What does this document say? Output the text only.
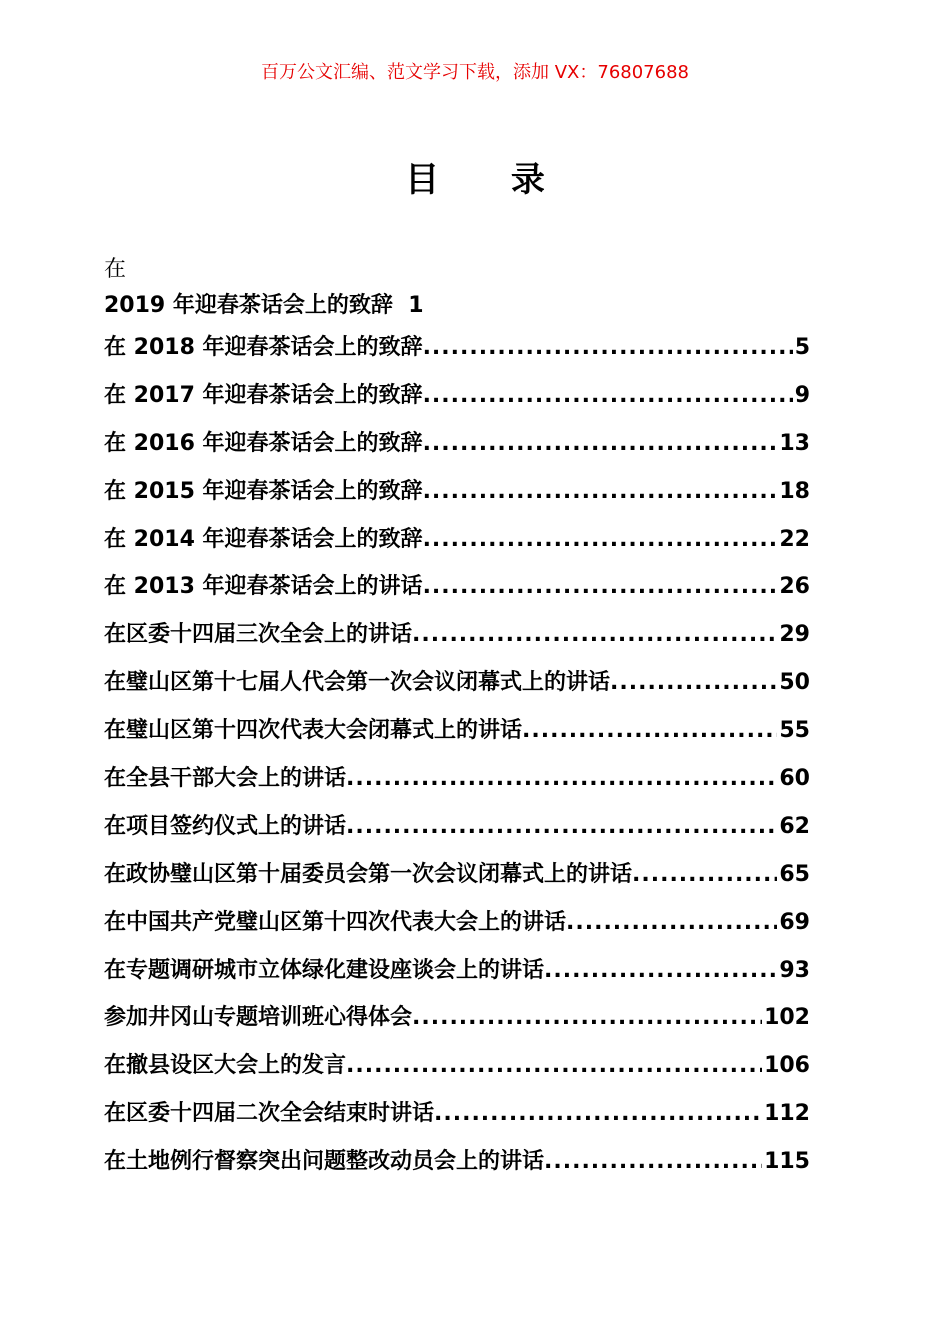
百万公文汇编、范文学习下载，添加 VX：76807688
目 录
在
2019 年迎春茶话会上的致辞 1
在 2018 年迎春茶话会上的致辞 .....	5
在 2017 年迎春茶话会上的致辞 .....	9
在 2016 年迎春茶话会上的致辞 .....	13
在 2015 年迎春茶话会上的致辞 .....	18
在 2014 年迎春茶话会上的致辞 .....	22
在 2013 年迎春茶话会上的讲话 .....	26
在区委十四届三次全会上的讲话 .....	29
在璧山区第十七届人代会第一次会议闭幕式上的讲话 .....	50
在璧山区第十四次代表大会闭幕式上的讲话 .....	55
在全县干部大会上的讲话 .....	60
在项目签约仪式上的讲话 .....	62
在政协璧山区第十届委员会第一次会议闭幕式上的讲话 .....	65
在中国共产党璧山区第十四次代表大会上的讲话 .....	69
在专题调研城市立体绿化建设座谈会上的讲话 .....	93
参加井冈山专题培训班心得体会 .....	102
在撤县设区大会上的发言 .....	106
在区委十四届二次全会结束时讲话 .....	112
在土地例行督察突出问题整改动员会上的讲话 .....	115
